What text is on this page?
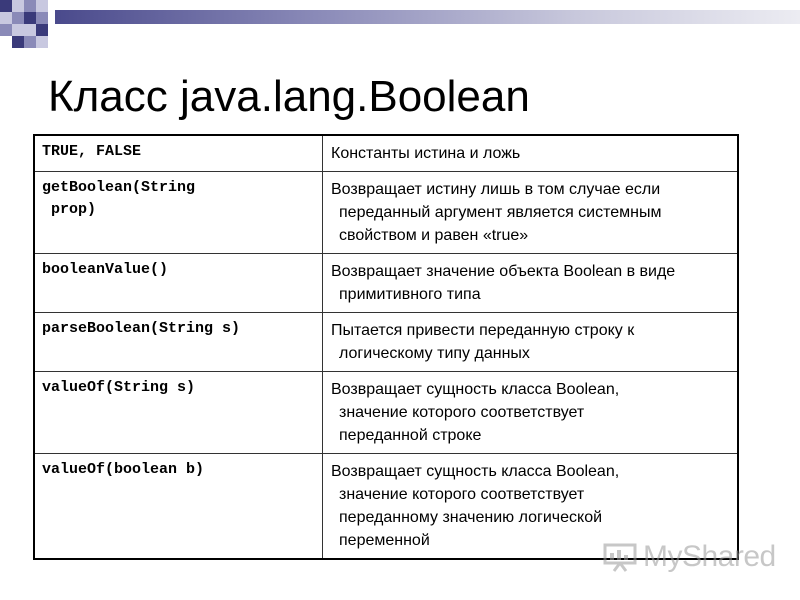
Класс java.lang.Boolean
TRUE, FALSE	Константы истина и ложь

getBoolean(String
prop)	Возвращает истину лишь в том случае если
переданный аргумент является системным
свойством и равен «true»

booleanValue()	Возвращает значение объекта Boolean в виде
примитивного типа

parseBoolean(String s)	Пытается привести переданную строку к
логическому типу данных

valueOf(String s)	Возвращает сущность класса Boolean,
значение которого соответствует
переданной строке

valueOf(boolean b)	Возвращает сущность класса Boolean,
значение которого соответствует
переданному значению логической
переменной	MyShared
